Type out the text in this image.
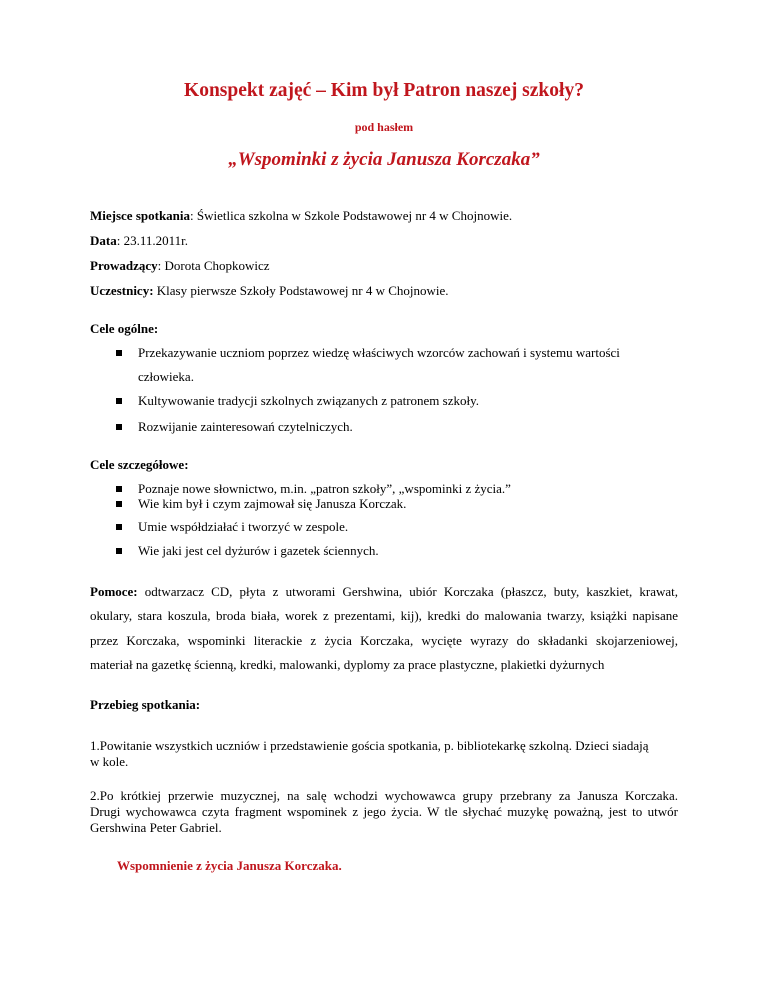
Konspekt zajęć – Kim był Patron naszej szkoły?
pod hasłem
„Wspominki z życia Janusza Korczaka”
Miejsce spotkania: Świetlica szkolna w Szkole Podstawowej nr 4 w Chojnowie.
Data: 23.11.2011r.
Prowadzący: Dorota Chopkowicz
Uczestnicy: Klasy pierwsze Szkoły Podstawowej nr 4 w Chojnowie.
Cele ogólne:
Przekazywanie uczniom poprzez wiedzę właściwych wzorców zachowań i systemu wartości
człowieka.
Kultywowanie tradycji szkolnych związanych z patronem szkoły.
Rozwijanie zainteresowań czytelniczych.
Cele szczegółowe:
Poznaje nowe słownictwo, m.in. „patron szkoły”, „wspominki z życia.”
Wie kim był i czym zajmował się Janusza Korczak.
Umie współdziałać i tworzyć w zespole.
Wie jaki jest cel dyżurów i gazetek ściennych.
Pomoce: odtwarzacz CD, płyta z utworami Gershwina, ubiór Korczaka (płaszcz, buty, kaszkiet, krawat,
okulary, stara koszula, broda biała, worek z prezentami, kij), kredki do malowania twarzy, książki napisane
przez Korczaka, wspominki literackie z życia Korczaka, wycięte wyrazy do składanki skojarzeniowej,
materiał na gazetkę ścienną, kredki, malowanki, dyplomy za prace plastyczne, plakietki dyżurnych
Przebieg spotkania:
1.Powitanie wszystkich uczniów i przedstawienie gościa spotkania, p. bibliotekarkę szkolną. Dzieci siadają
w kole.
2.Po krótkiej przerwie muzycznej, na salę wchodzi wychowawca grupy przebrany za Janusza Korczaka.
Drugi wychowawca czyta fragment wspominek z jego życia. W tle słychać muzykę poważną, jest to utwór
Gershwina Peter Gabriel.
Wspomnienie z życia Janusza Korczaka.
